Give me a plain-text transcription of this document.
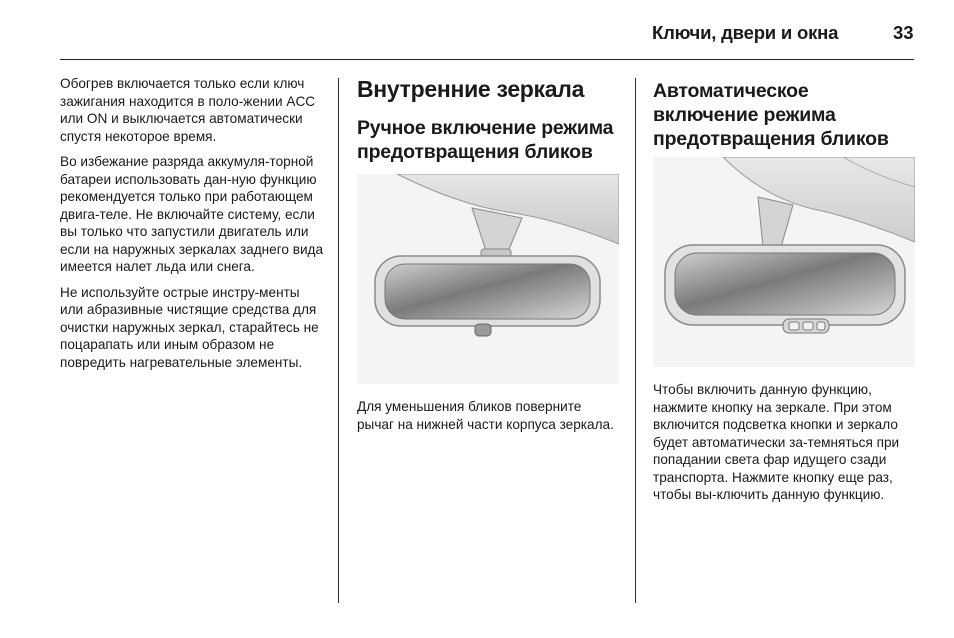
Ключи, двери и окна	33

Обогрев включается только если ключ зажигания находится в поло-жении ACC или ON и выключается автоматически спустя некоторое время.

Во избежание разряда аккумуля-торной батареи использовать дан-ную функцию рекомендуется только при работающем двига-теле. Не включайте систему, если вы только что запустили двигатель или если на наружных зеркалах заднего вида имеется налет льда или снега.

Не используйте острые инстру-менты или абразивные чистящие средства для очистки наружных зеркал, старайтесь не поцарапать или иным образом не повредить нагревательные элементы.

Внутренние зеркала
Ручное включение режима предотвращения бликов

Для уменьшения бликов поверните рычаг на нижней части корпуса зеркала.

Автоматическое включение режима предотвращения бликов

Чтобы включить данную функцию, нажмите кнопку на зеркале. При этом включится подсветка кнопки и зеркало будет автоматически за-темняться при попадании света фар идущего сзади транспорта. Нажмите кнопку еще раз, чтобы вы-ключить данную функцию.
